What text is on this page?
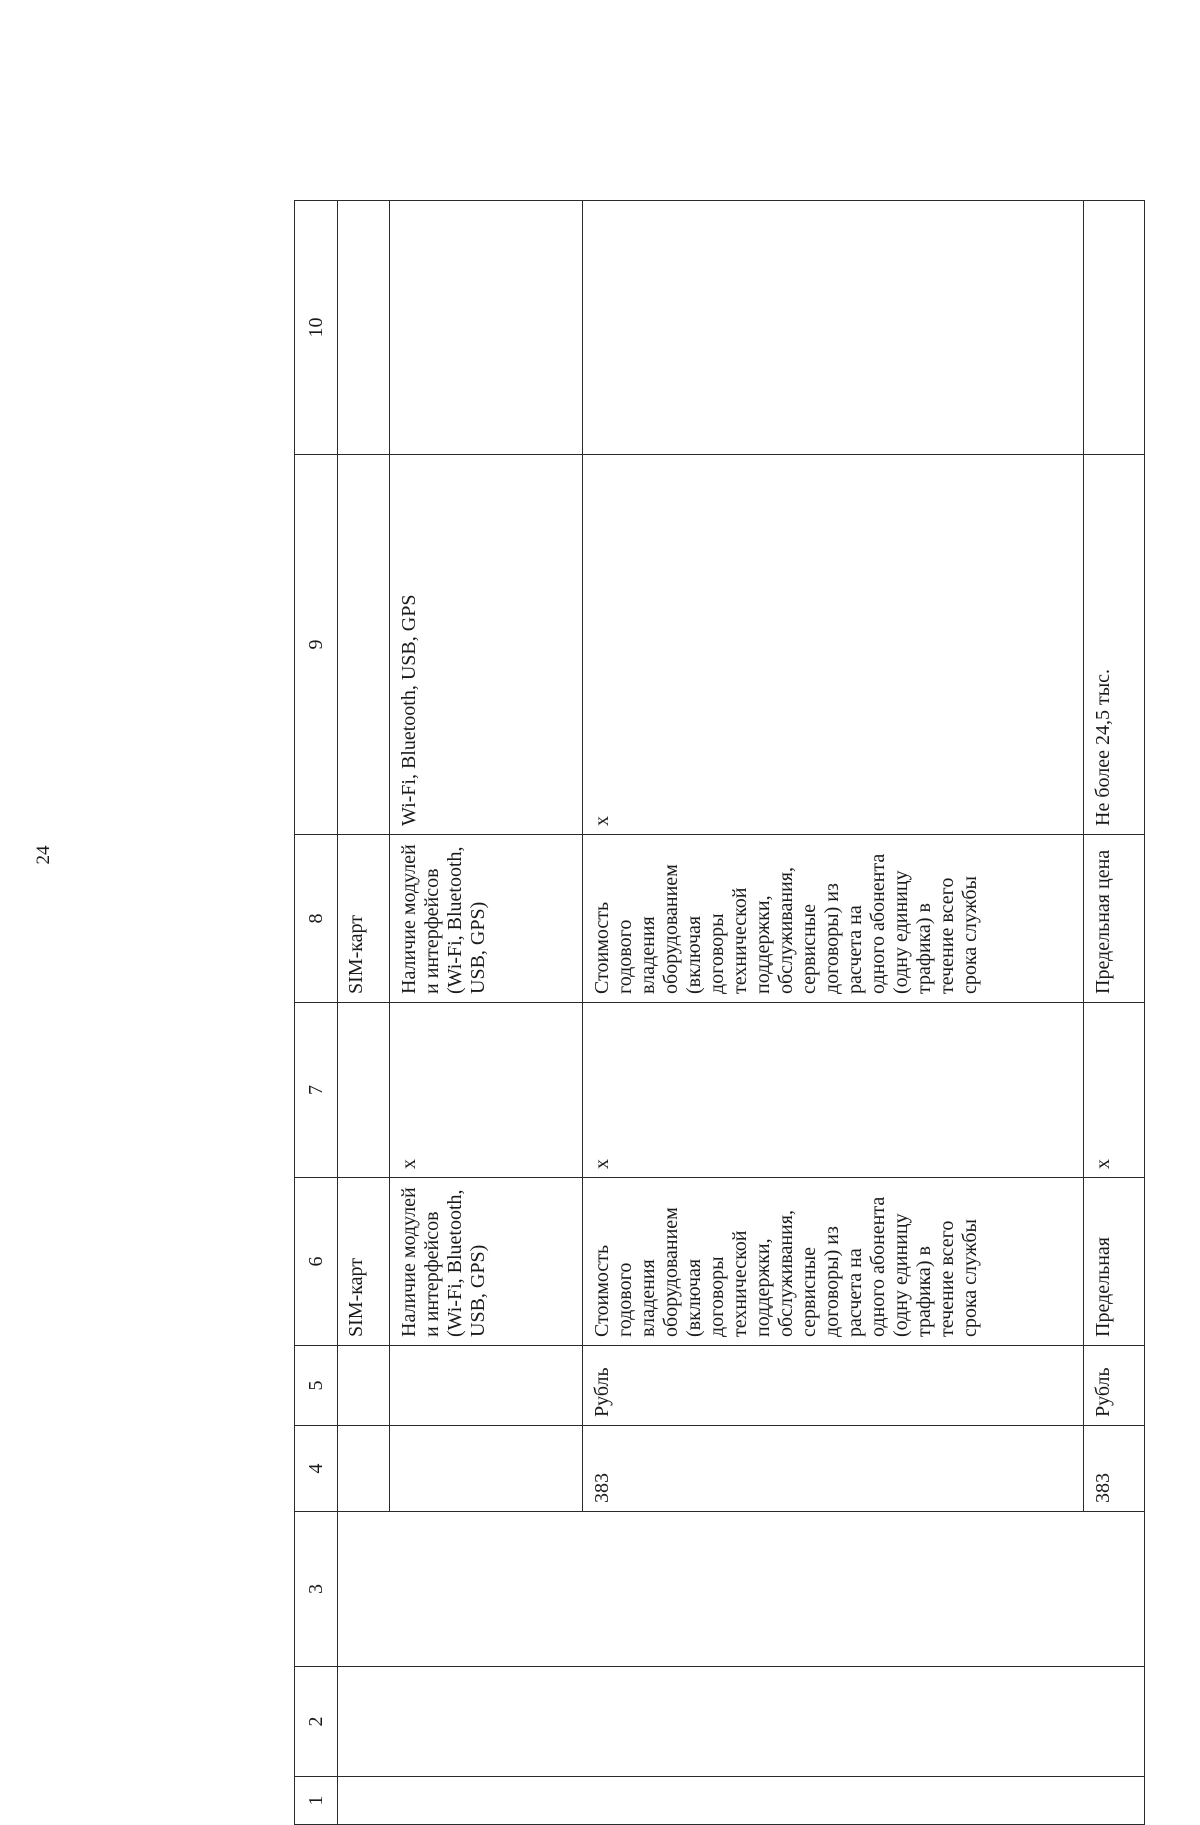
24
1	2	3	4	5	6	7	8	9	10
					SIM-карт		SIM-карт		
					Наличие модулей и интерфейсов (Wi-Fi, Bluetooth, USB, GPS)	х	Наличие модулей и интерфейсов (Wi-Fi, Bluetooth, USB, GPS)	Wi-Fi, Bluetooth, USB, GPS	
			383	Рубль	Стоимость годового владения оборудованием (включая договоры технической поддержки, обслуживания, сервисные договоры) из расчета на одного абонента (одну единицу трафика) в течение всего срока службы	х	Стоимость годового владения оборудованием (включая договоры технической поддержки, обслуживания, сервисные договоры) из расчета на одного абонента (одну единицу трафика) в течение всего срока службы	х	
			383	Рубль	Предельная	х	Предельная цена	Не более 24,5 тыс.	
